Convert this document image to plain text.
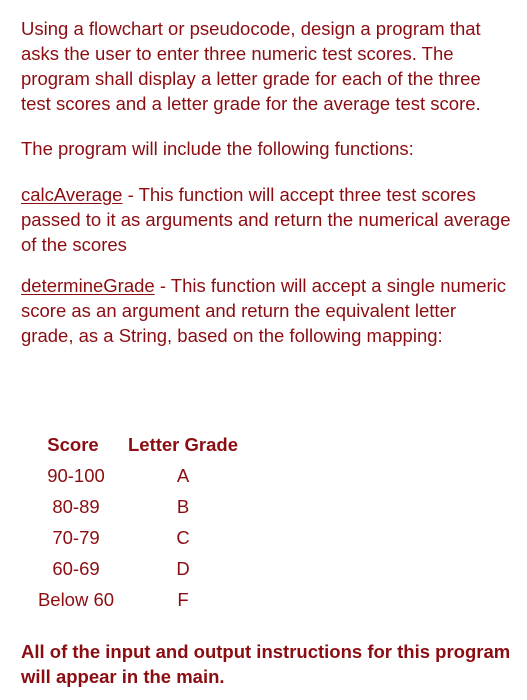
Using a flowchart or pseudocode, design a program that asks the user to enter three numeric test scores. The program shall display a letter grade for each of the three test scores and a letter grade for the average test score.

The program will include the following functions:

calcAverage - This function will accept three test scores passed to it as arguments and return the numerical average of the scores

determineGrade - This function will accept a single numeric score as an argument and return the equivalent letter grade, as a String, based on the following mapping:

Score	Letter Grade
90-100	A
80-89	B
70-79	C
60-69	D
Below 60	F

All of the input and output instructions for this program will appear in the main.
